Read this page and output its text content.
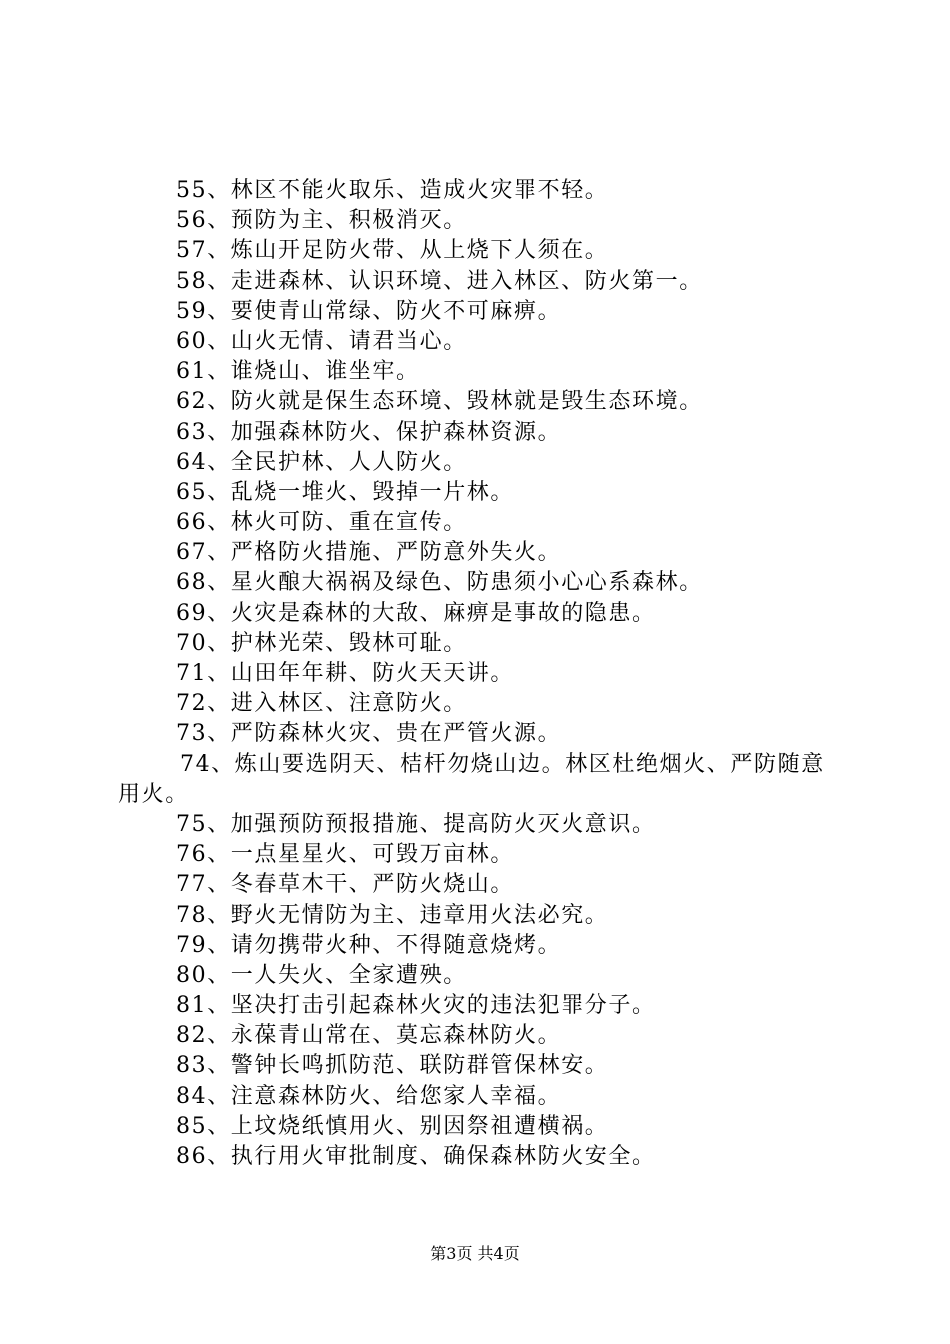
55、林区不能火取乐、造成火灾罪不轻。
56、预防为主、积极消灭。
57、炼山开足防火带、从上烧下人须在。
58、走进森林、认识环境、进入林区、防火第一。
59、要使青山常绿、防火不可麻痹。
60、山火无情、请君当心。
61、谁烧山、谁坐牢。
62、防火就是保生态环境、毁林就是毁生态环境。
63、加强森林防火、保护森林资源。
64、全民护林、人人防火。
65、乱烧一堆火、毁掉一片林。
66、林火可防、重在宣传。
67、严格防火措施、严防意外失火。
68、星火酿大祸祸及绿色、防患须小心心系森林。
69、火灾是森林的大敌、麻痹是事故的隐患。
70、护林光荣、毁林可耻。
71、山田年年耕、防火天天讲。
72、进入林区、注意防火。
73、严防森林火灾、贵在严管火源。
74、炼山要选阴天、桔杆勿烧山边。林区杜绝烟火、严防随意用火。
75、加强预防预报措施、提高防火灭火意识。
76、一点星星火、可毁万亩林。
77、冬春草木干、严防火烧山。
78、野火无情防为主、违章用火法必究。
79、请勿携带火种、不得随意烧烤。
80、一人失火、全家遭殃。
81、坚决打击引起森林火灾的违法犯罪分子。
82、永葆青山常在、莫忘森林防火。
83、警钟长鸣抓防范、联防群管保林安。
84、注意森林防火、给您家人幸福。
85、上坟烧纸慎用火、别因祭祖遭横祸。
86、执行用火审批制度、确保森林防火安全。
第3页 共4页
